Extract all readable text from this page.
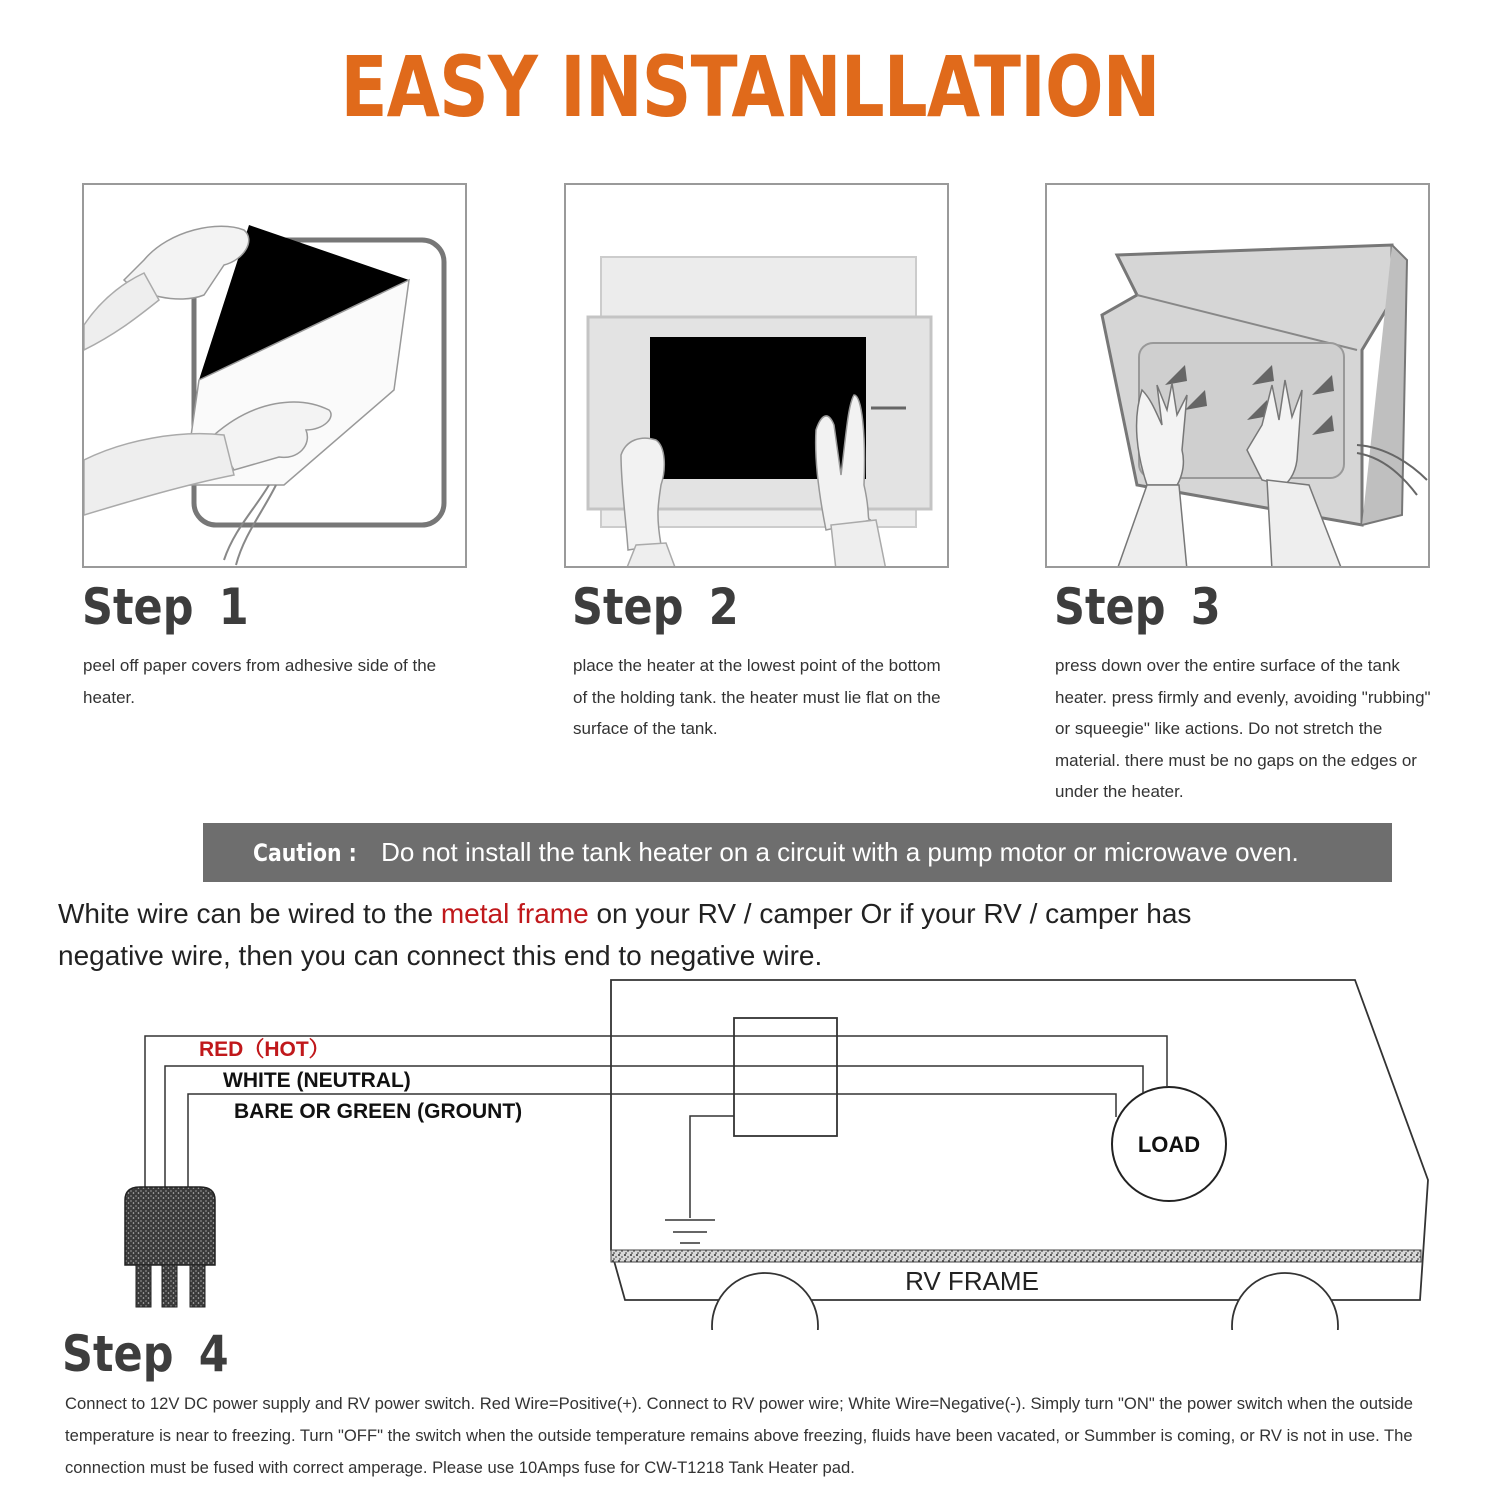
EASY INSTANLLATION
Step 1	Step 2	Step 3
peel off paper covers from adhesive side of the heater.
place the heater at the lowest point of the bottom of the holding tank. the heater must lie flat on the surface of the tank.
press down over the entire surface of the tank heater. press firmly and evenly, avoiding "rubbing" or squeegie" like actions. Do not stretch the material. there must be no gaps on the edges or under the heater.
Caution : Do not install the tank heater on a circuit with a pump motor or microwave oven.
White wire can be wired to the metal frame on your RV / camper Or if your RV / camper has negative wire, then you can connect this end to negative wire.
RED（HOT）
WHITE (NEUTRAL)
BARE OR GREEN (GROUNT)
LOAD
RV FRAME
Step 4
Connect to 12V DC power supply and RV power switch. Red Wire=Positive(+). Connect to RV power wire; White Wire=Negative(-). Simply turn "ON" the power switch when the outside temperature is near to freezing. Turn "OFF" the switch when the outside temperature remains above freezing, fluids have been vacated, or Summber is coming, or RV is not in use. The connection must be fused with correct amperage. Please use 10Amps fuse for CW-T1218 Tank Heater pad.
